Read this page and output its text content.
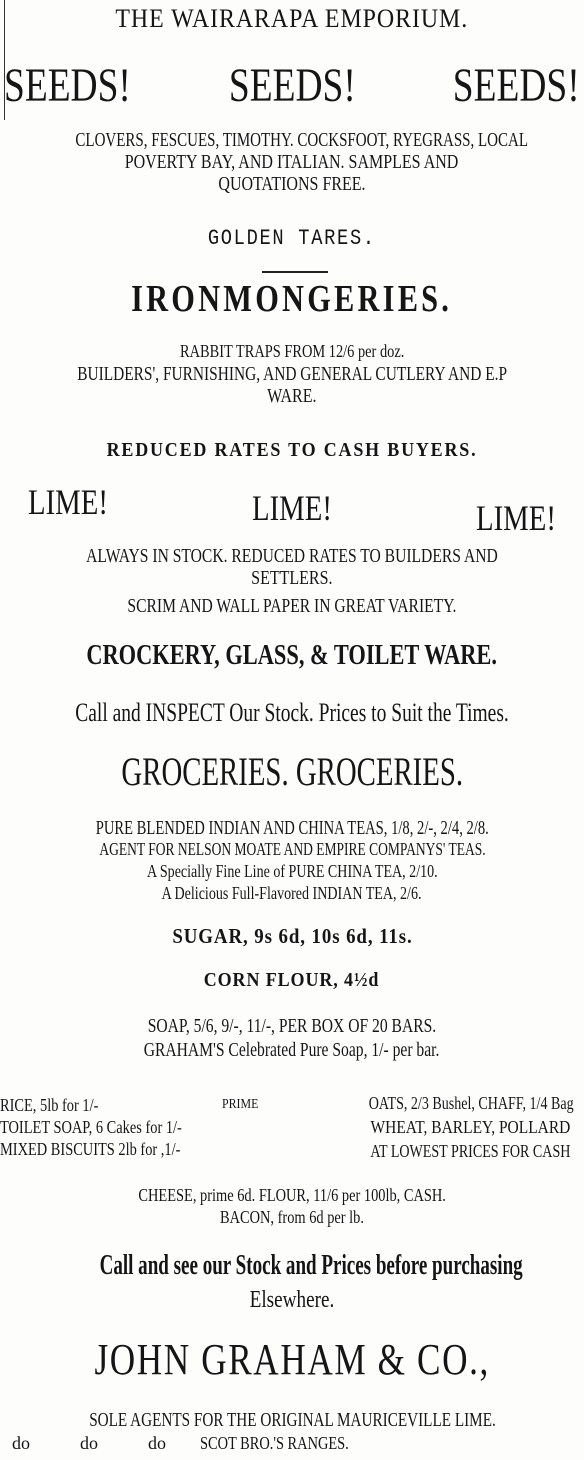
THE WAIRARAPA EMPORIUM.
SEEDS! SEEDS! SEEDS!
CLOVERS, FESCUES, TIMOTHY. COCKSFOOT, RYEGRASS, LOCAL
POVERTY BAY, AND ITALIAN. SAMPLES AND
QUOTATIONS FREE.
GOLDEN TARES.
IRONMONGERIES.
RABBIT TRAPS FROM 12/6 per doz.
BUILDERS', FURNISHING, AND GENERAL CUTLERY AND E.P
WARE.
REDUCED RATES TO CASH BUYERS.
LIME!	LIME!	LIME!
ALWAYS IN STOCK. REDUCED RATES TO BUILDERS AND
SETTLERS.
SCRIM AND WALL PAPER IN GREAT VARIETY.
CROCKERY, GLASS, & TOILET WARE.
Call and INSPECT Our Stock. Prices to Suit the Times.
GROCERIES. GROCERIES.
PURE BLENDED INDIAN AND CHINA TEAS, 1/8, 2/-, 2/4, 2/8.
AGENT FOR NELSON MOATE AND EMPIRE COMPANYS' TEAS.
A Specially Fine Line of PURE CHINA TEA, 2/10.
A Delicious Full-Flavored INDIAN TEA, 2/6.
SUGAR, 9s 6d, 10s 6d, 11s.
CORN FLOUR, 4½d
SOAP, 5/6, 9/-, 11/-, PER BOX OF 20 BARS.
GRAHAM'S Celebrated Pure Soap, 1/- per bar.
RICE, 5lb for 1/-
TOILET SOAP, 6 Cakes for 1/-
MIXED BISCUITS 2lb for ,1/-
PRIME	OATS, 2/3 Bushel, CHAFF, 1/4 Bag
WHEAT, BARLEY, POLLARD
AT LOWEST PRICES FOR CASH
CHEESE, prime 6d. FLOUR, 11/6 per 100lb, CASH.
BACON, from 6d per lb.
Call and see our Stock and Prices before purchasing
Elsewhere.
JOHN GRAHAM & CO.,
SOLE AGENTS FOR THE ORIGINAL MAURICEVILLE LIME.
do	do	do SCOT BRO.'S RANGES.
